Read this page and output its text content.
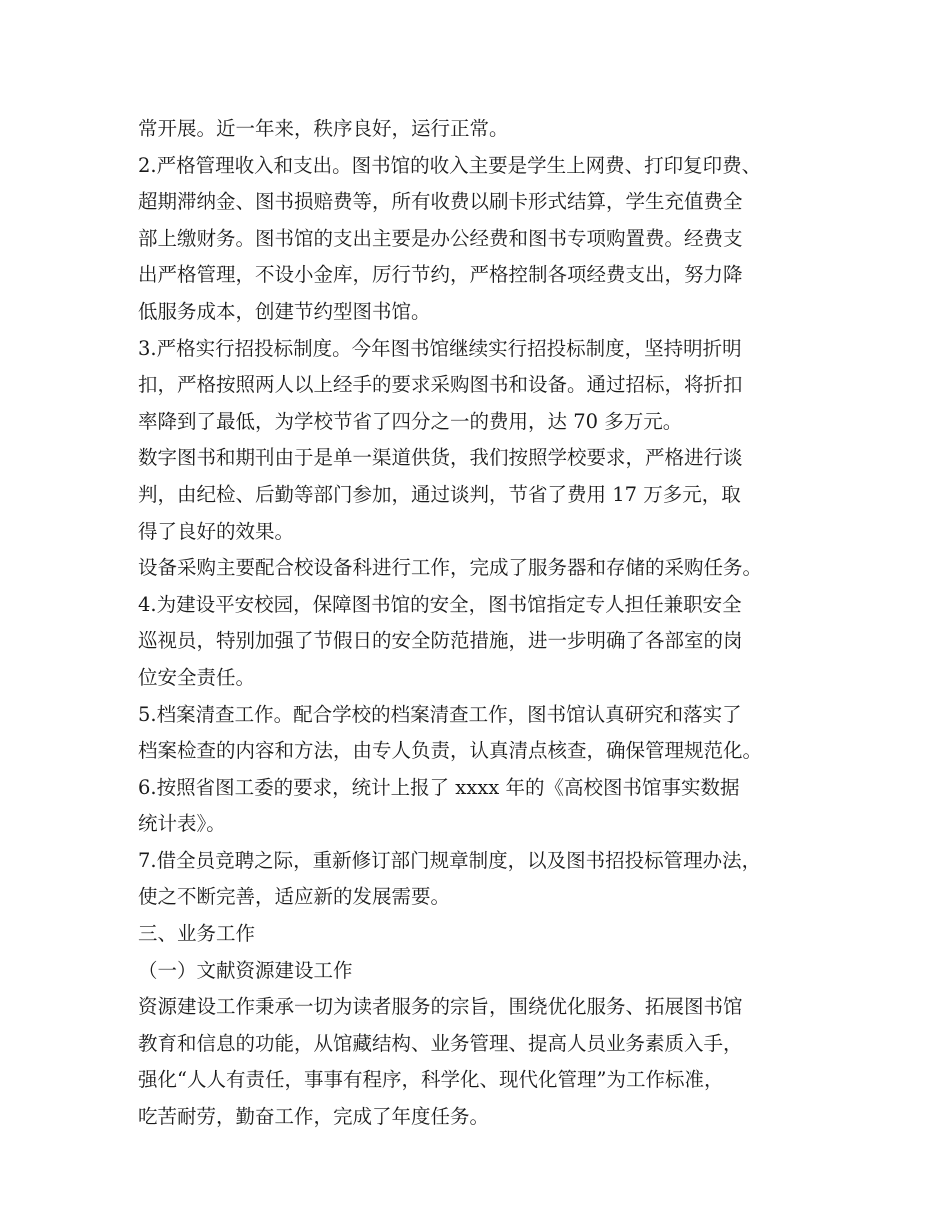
常开展。近一年来，秩序良好，运行正常。
2.严格管理收入和支出。图书馆的收入主要是学生上网费、打印复印费、
超期滞纳金、图书损赔费等，所有收费以刷卡形式结算，学生充值费全
部上缴财务。图书馆的支出主要是办公经费和图书专项购置费。经费支
出严格管理，不设小金库，厉行节约，严格控制各项经费支出，努力降
低服务成本，创建节约型图书馆。
3.严格实行招投标制度。今年图书馆继续实行招投标制度，坚持明折明
扣，严格按照两人以上经手的要求采购图书和设备。通过招标，将折扣
率降到了最低，为学校节省了四分之一的费用，达 70 多万元。
数字图书和期刊由于是单一渠道供货，我们按照学校要求，严格进行谈
判，由纪检、后勤等部门参加，通过谈判，节省了费用 17 万多元，取
得了良好的效果。
设备采购主要配合校设备科进行工作，完成了服务器和存储的采购任务。
4.为建设平安校园，保障图书馆的安全，图书馆指定专人担任兼职安全
巡视员，特别加强了节假日的安全防范措施，进一步明确了各部室的岗
位安全责任。
5.档案清查工作。配合学校的档案清查工作，图书馆认真研究和落实了
档案检查的内容和方法，由专人负责，认真清点核查，确保管理规范化。
6.按照省图工委的要求，统计上报了 xxxx 年的《高校图书馆事实数据
统计表》。
7.借全员竞聘之际，重新修订部门规章制度，以及图书招投标管理办法，
使之不断完善，适应新的发展需要。
三、业务工作
（一）文献资源建设工作
资源建设工作秉承一切为读者服务的宗旨，围绕优化服务、拓展图书馆
教育和信息的功能，从馆藏结构、业务管理、提高人员业务素质入手，
强化“人人有责任，事事有程序，科学化、现代化管理”为工作标准，
吃苦耐劳，勤奋工作，完成了年度任务。
